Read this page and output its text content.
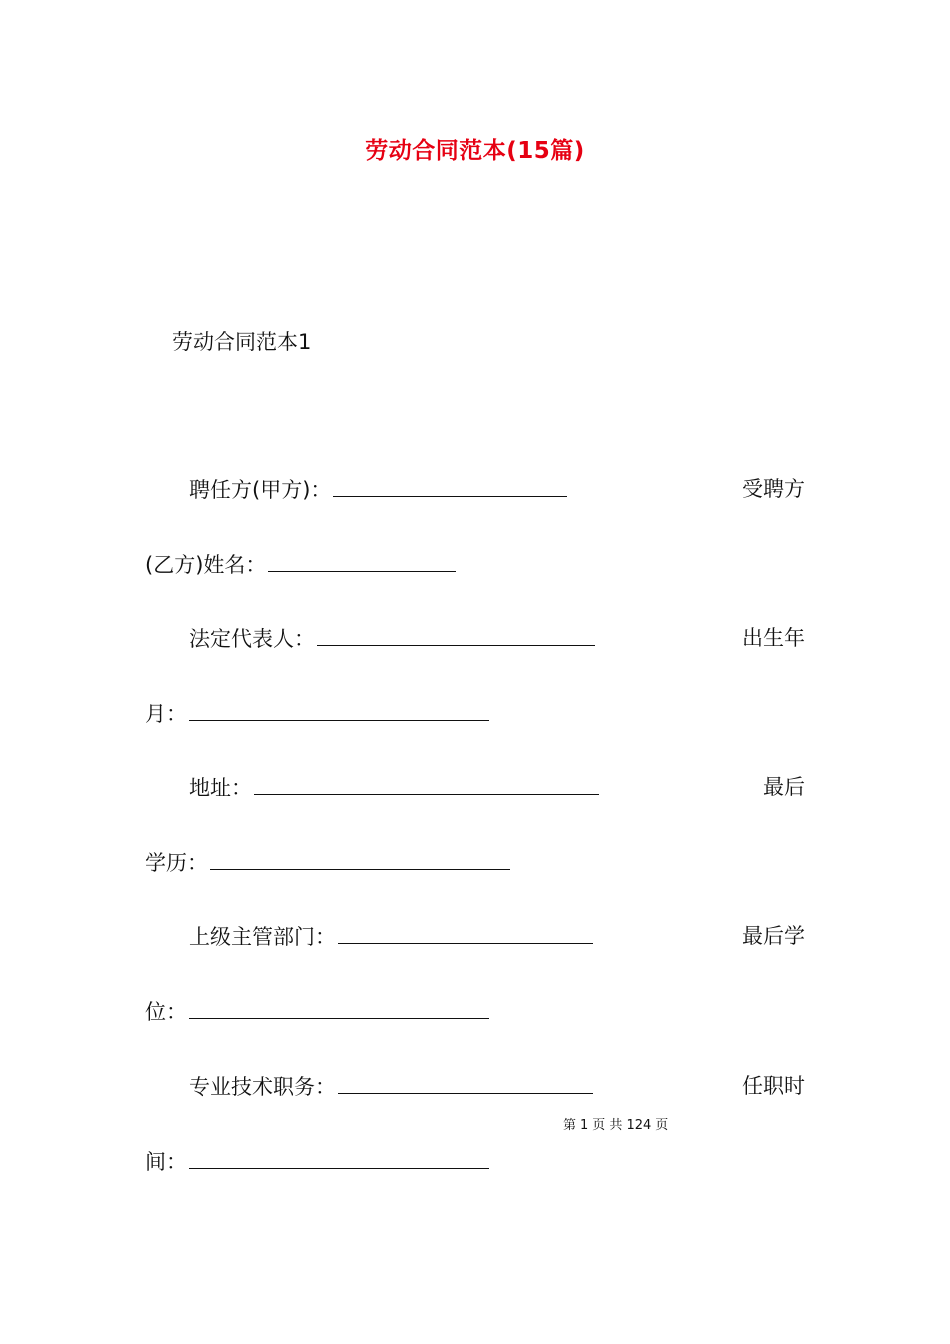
劳动合同范本(15篇)
劳动合同范本1
聘任方(甲方)：	受聘方
(乙方)姓名：
法定代表人：	出生年
月：
地址：	最后
学历：
上级主管部门：	最后学
位：
专业技术职务：	任职时
第 1 页 共 124 页
间：
